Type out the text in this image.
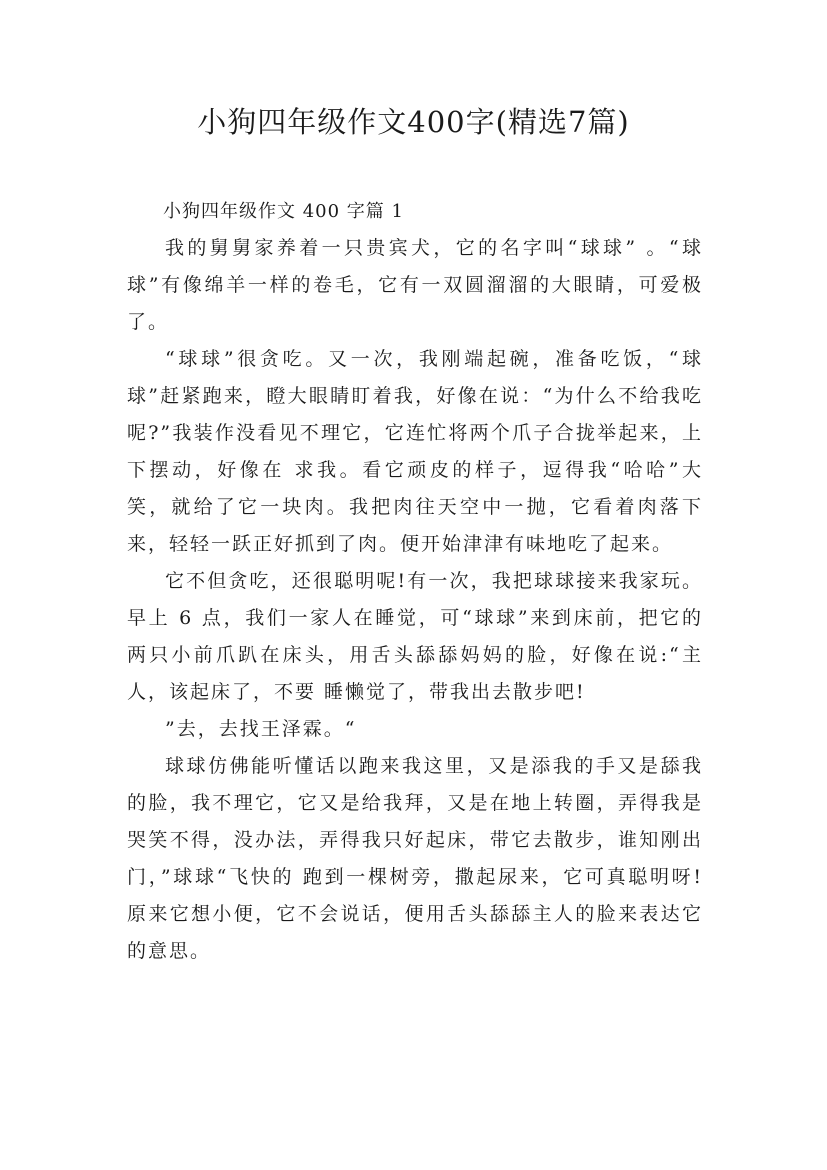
小狗四年级作文400字(精选7篇)

小狗四年级作文 400 字篇 1

我的舅舅家养着一只贵宾犬，它的名字叫“球球” 。“球球”有像绵羊一样的卷毛，它有一双圆溜溜的大眼睛，可爱极了。

“球球”很贪吃。又一次，我刚端起碗，准备吃饭，“球球”赶紧跑来，瞪大眼睛盯着我，好像在说：“为什么不给我吃呢?”我装作没看见不理它，它连忙将两个爪子合拢举起来，上下摆动，好像在 求我。看它顽皮的样子，逗得我“哈哈”大笑，就给了它一块肉。我把肉往天空中一抛，它看着肉落下来，轻轻一跃正好抓到了肉。便开始津津有味地吃了起来。

它不但贪吃，还很聪明呢!有一次，我把球球接来我家玩。早上 6 点，我们一家人在睡觉，可“球球”来到床前，把它的两只小前爪趴在床头，用舌头舔舔妈妈的脸，好像在说:“主人，该起床了，不要 睡懒觉了，带我出去散步吧!

”去，去找王泽霖。“

球球仿佛能听懂话以跑来我这里，又是添我的手又是舔我的脸，我不理它，它又是给我拜，又是在地上转圈，弄得我是哭笑不得，没办法，弄得我只好起床，带它去散步，谁知刚出门，”球球“飞快的 跑到一棵树旁，撒起尿来，它可真聪明呀!原来它想小便，它不会说话，便用舌头舔舔主人的脸来表达它的意思。
